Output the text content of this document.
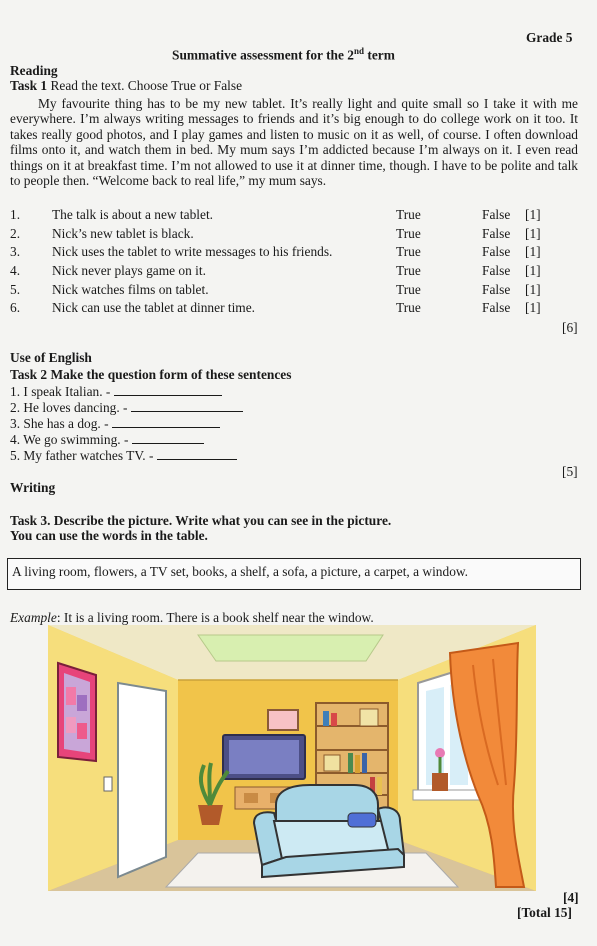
Grade 5
Summative assessment for the 2nd term
Reading
Task 1 Read the text. Choose True or False
My favourite thing has to be my new tablet. It’s really light and quite small so I take it with me everywhere. I’m always writing messages to friends and it’s big enough to do college work on it too. It takes really good photos, and I play games and listen to music on it as well, of course. I often download films onto it, and watch them in bed. My mum says I’m addicted because I’m always on it. I even read things on it at breakfast time. I’m not allowed to use it at dinner time, though. I have to be polite and talk to people then. “Welcome back to real life,” my mum says.
1. The talk is about a new tablet.	True	False [1]
2. Nick’s new tablet is black.	True	False [1]
3. Nick uses the tablet to write messages to his friends.	True	False [1]
4. Nick never plays game on it.	True	False [1]
5. Nick watches films on tablet.	True	False [1]
6. Nick can use the tablet at dinner time.	True	False [1]
[6]
Use of English
Task 2 Make the question form of these sentences
1. I speak Italian. -
2. He loves dancing. -
3. She has a dog. -
4. We go swimming. -
5. My father watches TV. -
[5]
Writing
Task 3. Describe the picture. Write what you can see in the picture.
You can use the words in the table.
A living room, flowers, a TV set, books, a shelf, a sofa, a picture, a carpet, a window.
Example: It is a living room. There is a book shelf near the window.
[4]
[Total 15]
